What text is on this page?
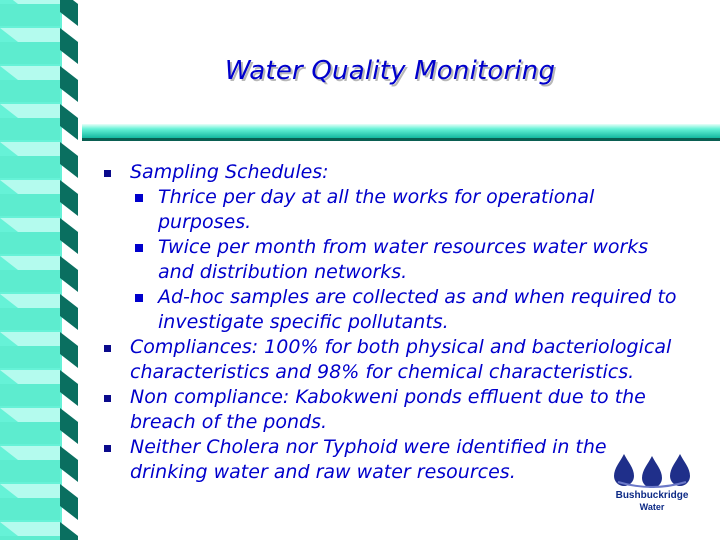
Water Quality Monitoring
Sampling Schedules:
Thrice per day at all the works for operational
purposes.
Twice per month from water resources water works
and distribution networks.
Ad-hoc samples are collected as and when required to
investigate specific pollutants.
Compliances: 100% for both physical and bacteriological
characteristics and 98% for chemical characteristics.
Non compliance: Kabokweni ponds effluent due to the
breach of the ponds.
Neither Cholera nor Typhoid were identified in the
drinking water and raw water resources.
Bushbuckridge
Water
